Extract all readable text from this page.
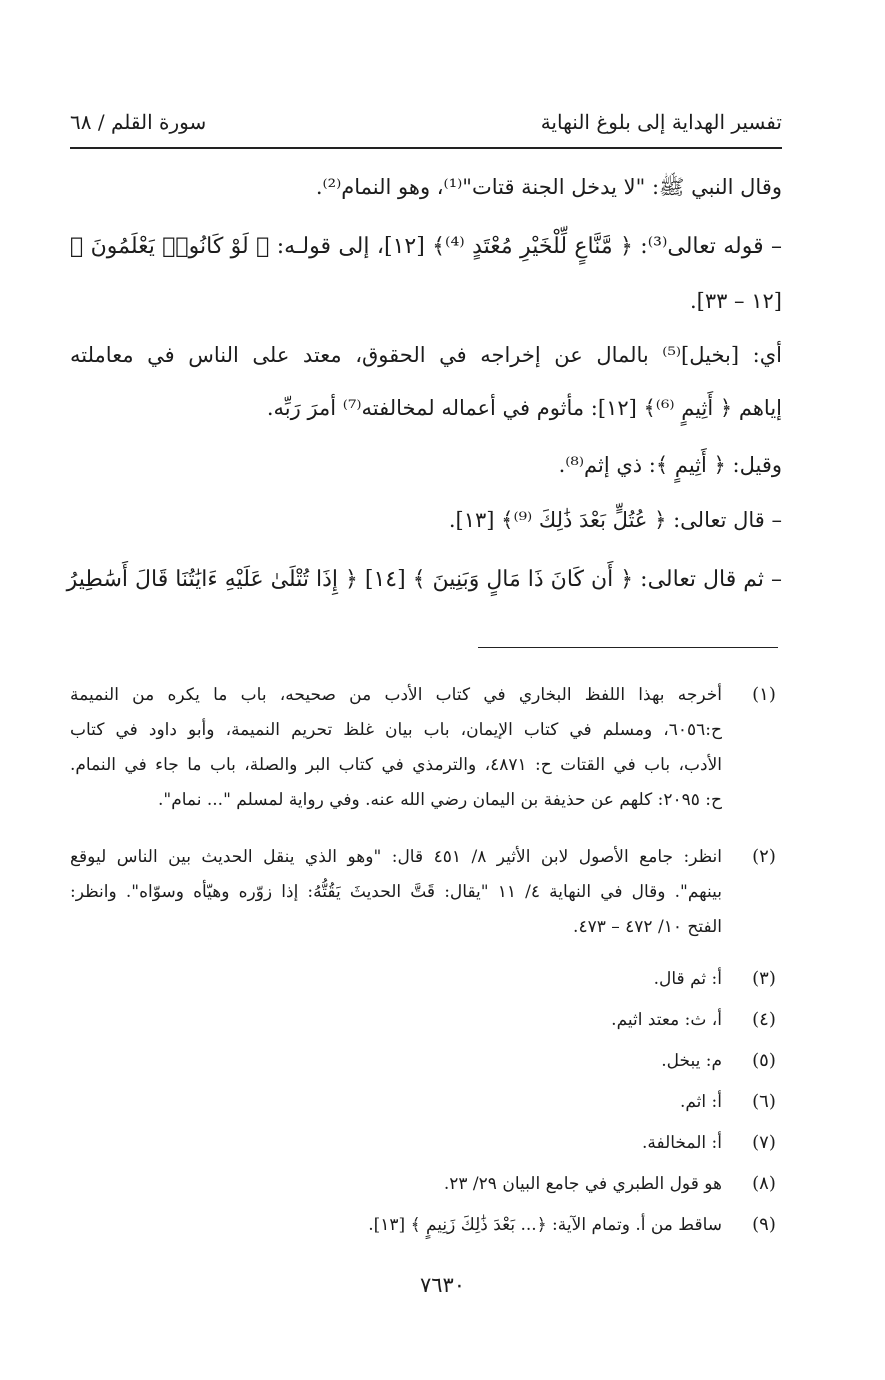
تفسير الهداية إلى بلوغ النهاية
سورة القلم / ٦٨
وقال النبي ﷺ: "لا يدخل الجنة قتات"⁽¹⁾، وهو النمام⁽²⁾.
– قوله تعالى⁽³⁾: ﴿ مَّنَّاعٍ لِّلْخَيْرِ مُعْتَدٍ ⁽⁴⁾﴾ [١٢]، إلى قولـه: ﴿ لَوْ كَانُوا۟ يَعْلَمُونَ ﴾
[١٢ – ٣٣].
أي: [بخيل]⁽⁵⁾ بالمال عن إخراجه في الحقوق، معتد على الناس في معاملته
إياهم ﴿ أَثِيمٍ ⁽⁶⁾﴾ [١٢]: مأثوم في أعماله لمخالفته⁽⁷⁾ أمرَ رَبِّه.
وقيل: ﴿ أَثِيمٍ ﴾: ذي إثم⁽⁸⁾.
– قال تعالى: ﴿ عُتُلٍّ بَعْدَ ذَٰلِكَ ⁽⁹⁾﴾ [١٣].
– ثم قال تعالى: ﴿ أَن كَانَ ذَا مَالٍ وَبَنِينَ ﴾ [١٤] ﴿ إِذَا تُتْلَىٰ عَلَيْهِ ءَايَٰتُنَا قَالَ أَسَٰطِيرُ
(١)
أخرجه بهذا اللفظ البخاري في كتاب الأدب من صحيحه، باب ما يكره من النميمة
ح:٦٠٥٦، ومسلم في كتاب الإيمان، باب بيان غلظ تحريم النميمة، وأبو داود في كتاب
الأدب، باب في القتات ح: ٤٨٧١، والترمذي في كتاب البر والصلة، باب ما جاء في النمام.
ح: ٢٠٩٥: كلهم عن حذيفة بن اليمان رضي الله عنه. وفي رواية لمسلم "... نمام".
(٢)
انظر: جامع الأصول لابن الأثير ٨/ ٤٥١ قال: "وهو الذي ينقل الحديث بين الناس ليوقع
بينهم". وقال في النهاية ٤/ ١١ "يقال: قَتَّ الحديثَ يَقُتُّهُ: إذا زوّره وهيّأه وسوّاه". وانظر:
الفتح ١٠/ ٤٧٢ – ٤٧٣.
(٣)
أ: ثم قال.
(٤)
أ، ث: معتد اثيم.
(٥)
م: يبخل.
(٦)
أ: اثم.
(٧)
أ: المخالفة.
(٨)
هو قول الطبري في جامع البيان ٢٩/ ٢٣.
(٩)
ساقط من أ. وتمام الآية: ﴿... بَعْدَ ذَٰلِكَ زَنِيمٍ ﴾ [١٣].
٧٦٣٠
